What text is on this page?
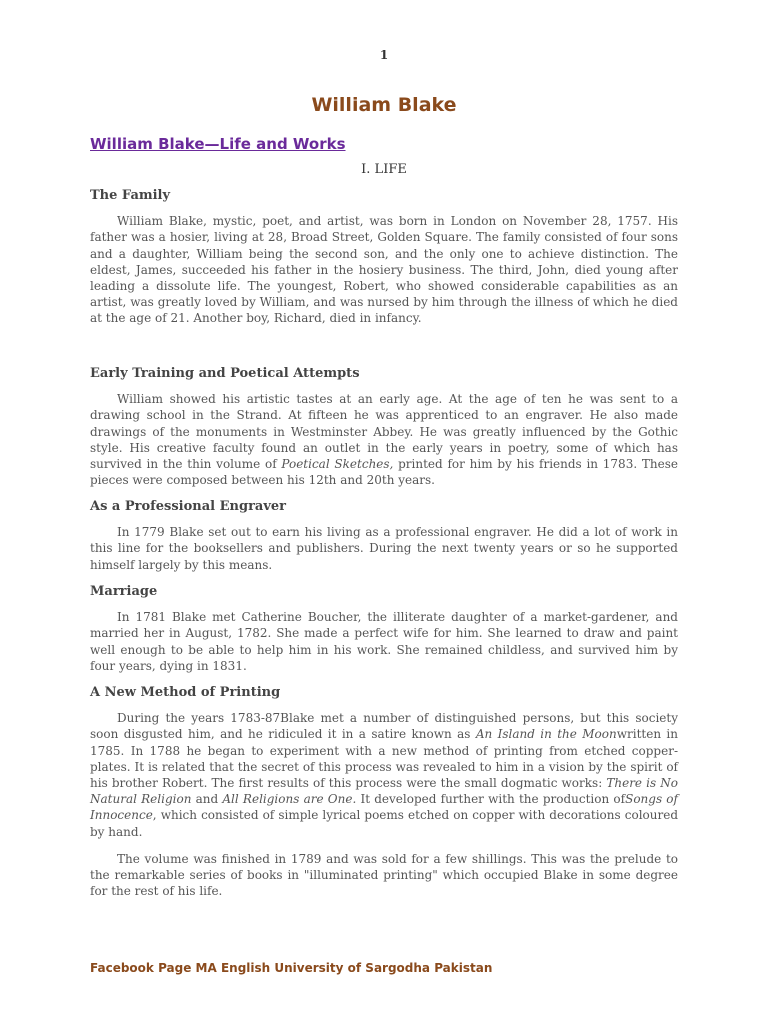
1
William Blake
William Blake—Life and Works
I. LIFE
The Family

William Blake, mystic, poet, and artist, was born in London on November 28, 1757. His father was a hosier, living at 28, Broad Street, Golden Square. The family consisted of four sons and a daughter, William being the second son, and the only one to achieve distinction. The eldest, James, succeeded his father in the hosiery business. The third, John, died young after leading a dissolute life. The youngest, Robert, who showed considerable capabilities as an artist, was greatly loved by William, and was nursed by him through the illness of which he died at the age of 21. Another boy, Richard, died in infancy.

Early Training and Poetical Attempts

William showed his artistic tastes at an early age. At the age of ten he was sent to a drawing school in the Strand. At fifteen he was apprenticed to an engraver. He also made drawings of the monuments in Westminster Abbey. He was greatly influenced by the Gothic style. His creative faculty found an outlet in the early years in poetry, some of which has survived in the thin volume of Poetical Sketches, printed for him by his friends in 1783. These pieces were composed between his 12th and 20th years.

As a Professional Engraver

In 1779 Blake set out to earn his living as a professional engraver. He did a lot of work in this line for the booksellers and publishers. During the next twenty years or so he supported himself largely by this means.

Marriage

In 1781 Blake met Catherine Boucher, the illiterate daughter of a market-gardener, and married her in August, 1782. She made a perfect wife for him. She learned to draw and paint well enough to be able to help him in his work. She remained childless, and survived him by four years, dying in 1831.

A New Method of Printing

During the years 1783-87Blake met a number of distinguished persons, but this society soon disgusted him, and he ridiculed it in a satire known as An Island in the Moonwritten in 1785. In 1788 he began to experiment with a new method of printing from etched copper-plates. It is related that the secret of this process was revealed to him in a vision by the spirit of his brother Robert. The first results of this process were the small dogmatic works: There is No Natural Religion and All Religions are One. It developed further with the production ofSongs of Innocence, which consisted of simple lyrical poems etched on copper with decorations coloured by hand.

The volume was finished in 1789 and was sold for a few shillings. This was the prelude to the remarkable series of books in "illuminated printing" which occupied Blake in some degree for the rest of his life.

Facebook Page MA English University of Sargodha Pakistan
